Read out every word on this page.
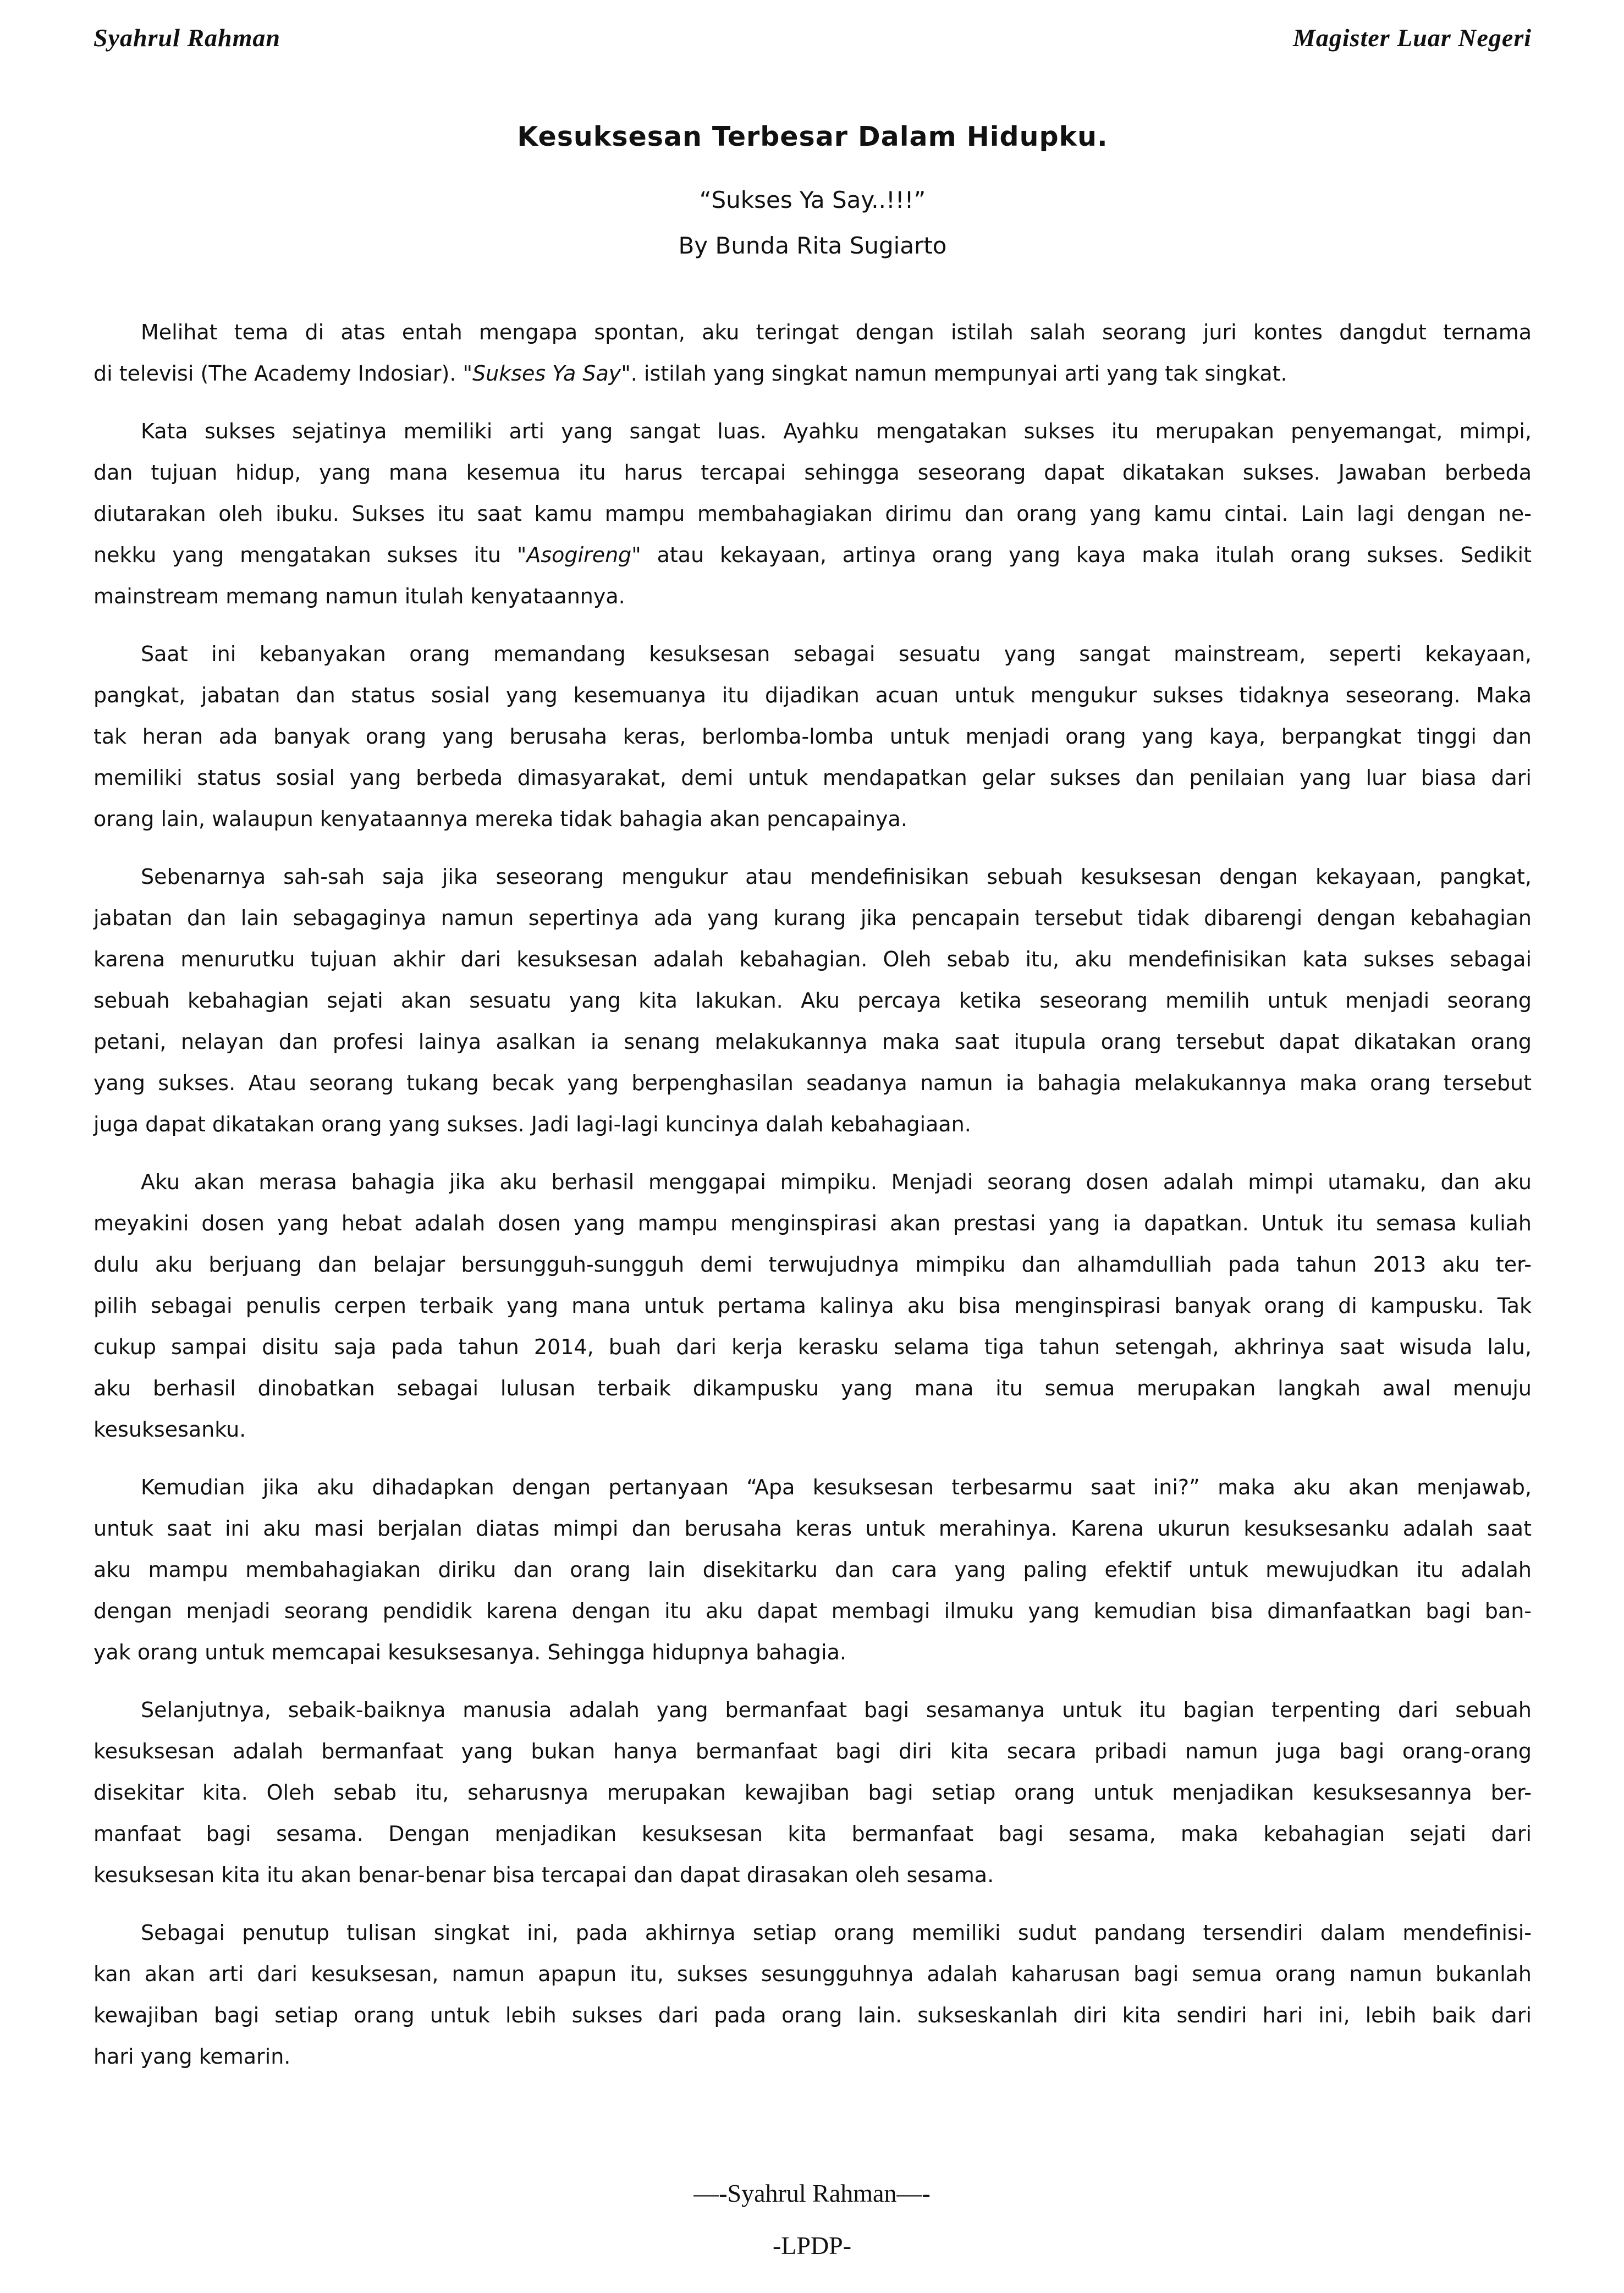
Syahrul Rahman	Magister Luar Negeri
Kesuksesan Terbesar Dalam Hidupku.
“Sukses Ya Say..!!!”
By Bunda Rita Sugiarto
Melihat tema di atas entah mengapa spontan, aku teringat dengan istilah salah seorang juri kontes dangdut ternama
di televisi (The Academy Indosiar). "Sukses Ya Say". istilah yang singkat namun mempunyai arti yang tak singkat.
Kata sukses sejatinya memiliki arti yang sangat luas. Ayahku mengatakan sukses itu merupakan penyemangat, mimpi,
dan tujuan hidup, yang mana kesemua itu harus tercapai sehingga seseorang dapat dikatakan sukses. Jawaban berbeda
diutarakan oleh ibuku. Sukses itu saat kamu mampu membahagiakan dirimu dan orang yang kamu cintai. Lain lagi dengan ne-
nekku yang mengatakan sukses itu "Asogireng" atau kekayaan, artinya orang yang kaya maka itulah orang sukses. Sedikit
mainstream memang namun itulah kenyataannya.
Saat ini kebanyakan orang memandang kesuksesan sebagai sesuatu yang sangat mainstream, seperti kekayaan,
pangkat, jabatan dan status sosial yang kesemuanya itu dijadikan acuan untuk mengukur sukses tidaknya seseorang. Maka
tak heran ada banyak orang yang berusaha keras, berlomba-lomba untuk menjadi orang yang kaya, berpangkat tinggi dan
memiliki status sosial yang berbeda dimasyarakat, demi untuk mendapatkan gelar sukses dan penilaian yang luar biasa dari
orang lain, walaupun kenyataannya mereka tidak bahagia akan pencapainya.
Sebenarnya sah-sah saja jika seseorang mengukur atau mendefinisikan sebuah kesuksesan dengan kekayaan, pangkat,
jabatan dan lain sebagaginya namun sepertinya ada yang kurang jika pencapain tersebut tidak dibarengi dengan kebahagian
karena menurutku tujuan akhir dari kesuksesan adalah kebahagian. Oleh sebab itu, aku mendefinisikan kata sukses sebagai
sebuah kebahagian sejati akan sesuatu yang kita lakukan. Aku percaya ketika seseorang memilih untuk menjadi seorang
petani, nelayan dan profesi lainya asalkan ia senang melakukannya maka saat itupula orang tersebut dapat dikatakan orang
yang sukses. Atau seorang tukang becak yang berpenghasilan seadanya namun ia bahagia melakukannya maka orang tersebut
juga dapat dikatakan orang yang sukses. Jadi lagi-lagi kuncinya dalah kebahagiaan.
Aku akan merasa bahagia jika aku berhasil menggapai mimpiku. Menjadi seorang dosen adalah mimpi utamaku, dan aku
meyakini dosen yang hebat adalah dosen yang mampu menginspirasi akan prestasi yang ia dapatkan. Untuk itu semasa kuliah
dulu aku berjuang dan belajar bersungguh-sungguh demi terwujudnya mimpiku dan alhamdulliah pada tahun 2013 aku ter-
pilih sebagai penulis cerpen terbaik yang mana untuk pertama kalinya aku bisa menginspirasi banyak orang di kampusku. Tak
cukup sampai disitu saja pada tahun 2014, buah dari kerja kerasku selama tiga tahun setengah, akhrinya saat wisuda lalu,
aku berhasil dinobatkan sebagai lulusan terbaik dikampusku yang mana itu semua merupakan langkah awal menuju
kesuksesanku.
Kemudian jika aku dihadapkan dengan pertanyaan “Apa kesuksesan terbesarmu saat ini?” maka aku akan menjawab,
untuk saat ini aku masi berjalan diatas mimpi dan berusaha keras untuk merahinya. Karena ukurun kesuksesanku adalah saat
aku mampu membahagiakan diriku dan orang lain disekitarku dan cara yang paling efektif untuk mewujudkan itu adalah
dengan menjadi seorang pendidik karena dengan itu aku dapat membagi ilmuku yang kemudian bisa dimanfaatkan bagi ban-
yak orang untuk memcapai kesuksesanya. Sehingga hidupnya bahagia.
Selanjutnya, sebaik-baiknya manusia adalah yang bermanfaat bagi sesamanya untuk itu bagian terpenting dari sebuah
kesuksesan adalah bermanfaat yang bukan hanya bermanfaat bagi diri kita secara pribadi namun juga bagi orang-orang
disekitar kita. Oleh sebab itu, seharusnya merupakan kewajiban bagi setiap orang untuk menjadikan kesuksesannya ber-
manfaat bagi sesama. Dengan menjadikan kesuksesan kita bermanfaat bagi sesama, maka kebahagian sejati dari
kesuksesan kita itu akan benar-benar bisa tercapai dan dapat dirasakan oleh sesama.
Sebagai penutup tulisan singkat ini, pada akhirnya setiap orang memiliki sudut pandang tersendiri dalam mendefinisi-
kan akan arti dari kesuksesan, namun apapun itu, sukses sesungguhnya adalah kaharusan bagi semua orang namun bukanlah
kewajiban bagi setiap orang untuk lebih sukses dari pada orang lain. sukseskanlah diri kita sendiri hari ini, lebih baik dari
hari yang kemarin.
—-Syahrul Rahman—-
-LPDP-
